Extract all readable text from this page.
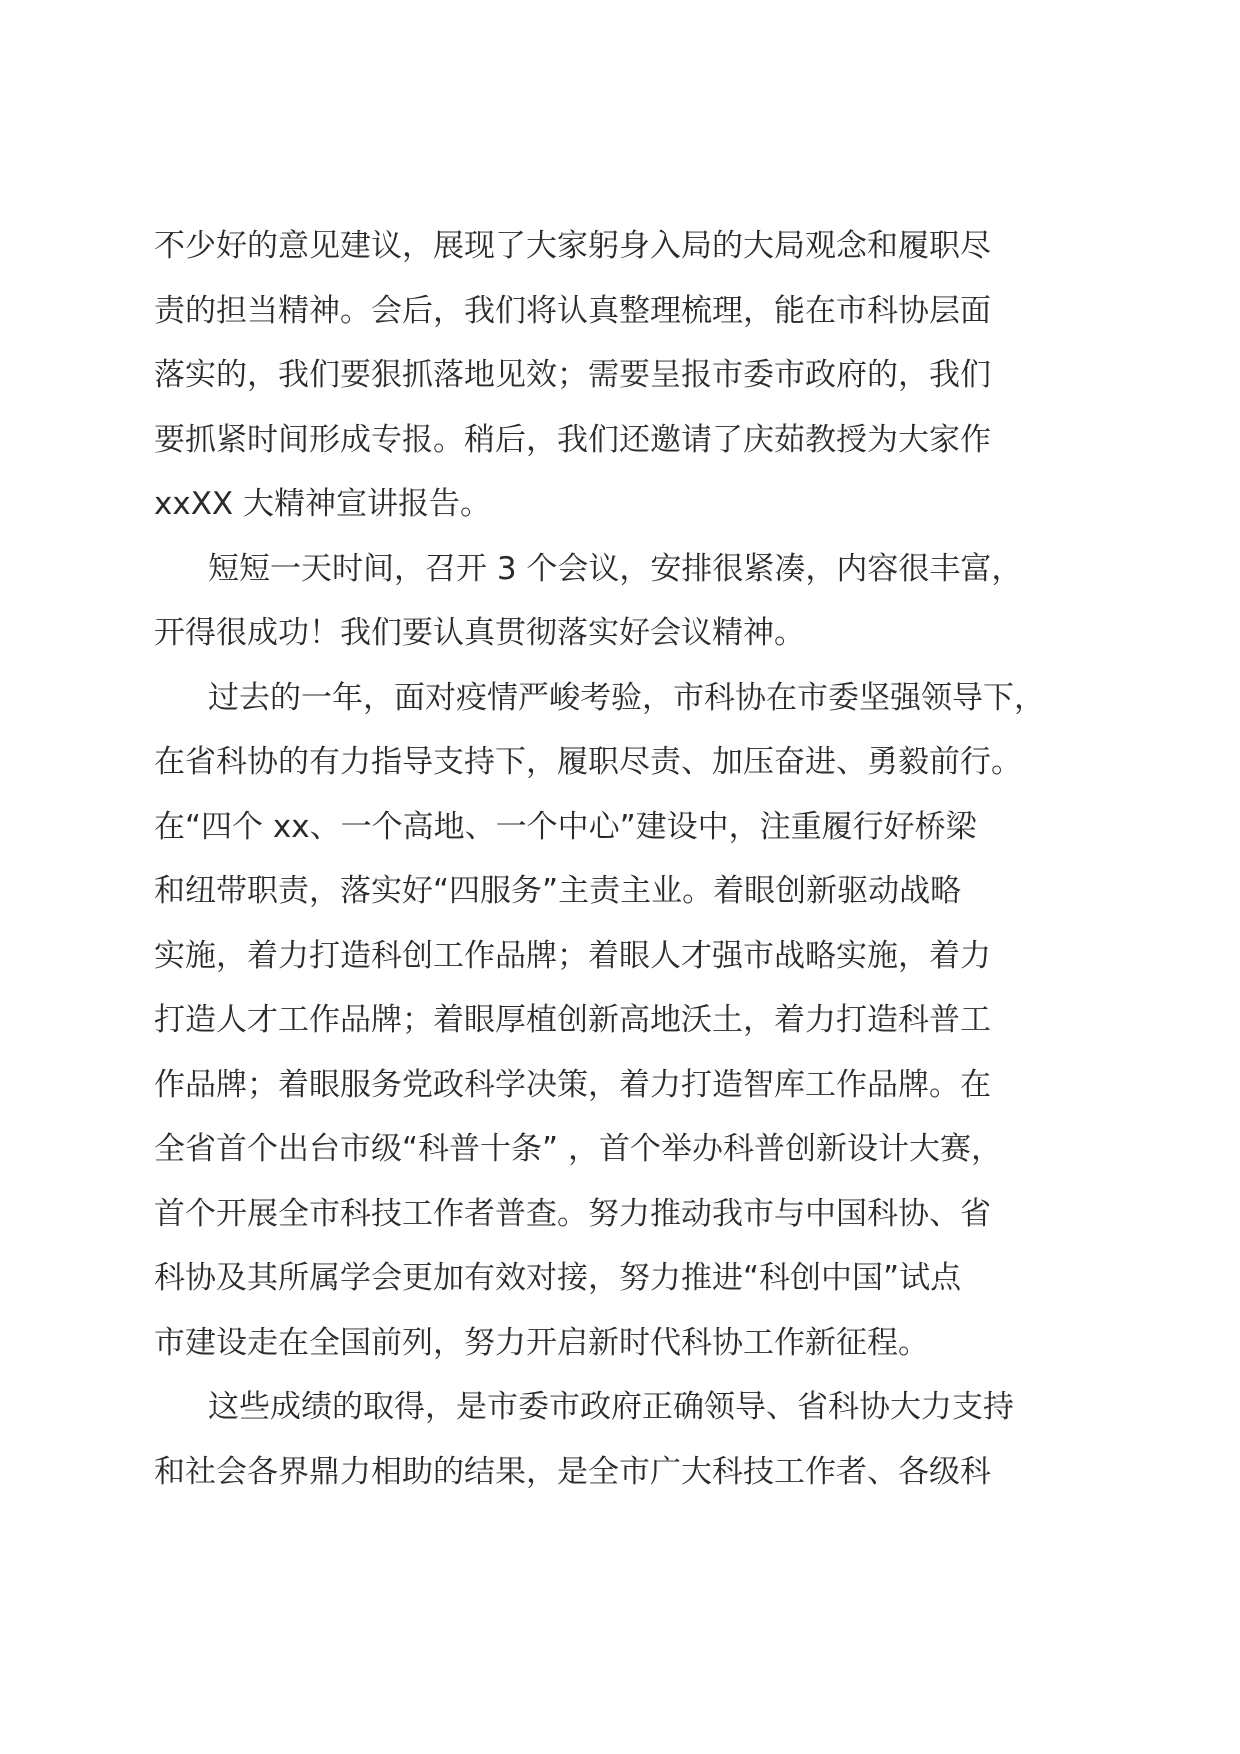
不少好的意见建议，展现了大家躬身入局的大局观念和履职尽
责的担当精神。会后，我们将认真整理梳理，能在市科协层面
落实的，我们要狠抓落地见效；需要呈报市委市政府的，我们
要抓紧时间形成专报。稍后，我们还邀请了庆茹教授为大家作
xxXX 大精神宣讲报告。
短短一天时间，召开 3 个会议，安排很紧凑，内容很丰富，
开得很成功！我们要认真贯彻落实好会议精神。
过去的一年，面对疫情严峻考验，市科协在市委坚强领导下，
在省科协的有力指导支持下，履职尽责、加压奋进、勇毅前行。
在“四个 xx、一个高地、一个中心”建设中，注重履行好桥梁
和纽带职责，落实好“四服务”主责主业。着眼创新驱动战略
实施，着力打造科创工作品牌；着眼人才强市战略实施，着力
打造人才工作品牌；着眼厚植创新高地沃土，着力打造科普工
作品牌；着眼服务党政科学决策，着力打造智库工作品牌。在
全省首个出台市级“科普十条” ，首个举办科普创新设计大赛，
首个开展全市科技工作者普查。努力推动我市与中国科协、省
科协及其所属学会更加有效对接，努力推进“科创中国”试点
市建设走在全国前列，努力开启新时代科协工作新征程。
这些成绩的取得，是市委市政府正确领导、省科协大力支持
和社会各界鼎力相助的结果，是全市广大科技工作者、各级科
